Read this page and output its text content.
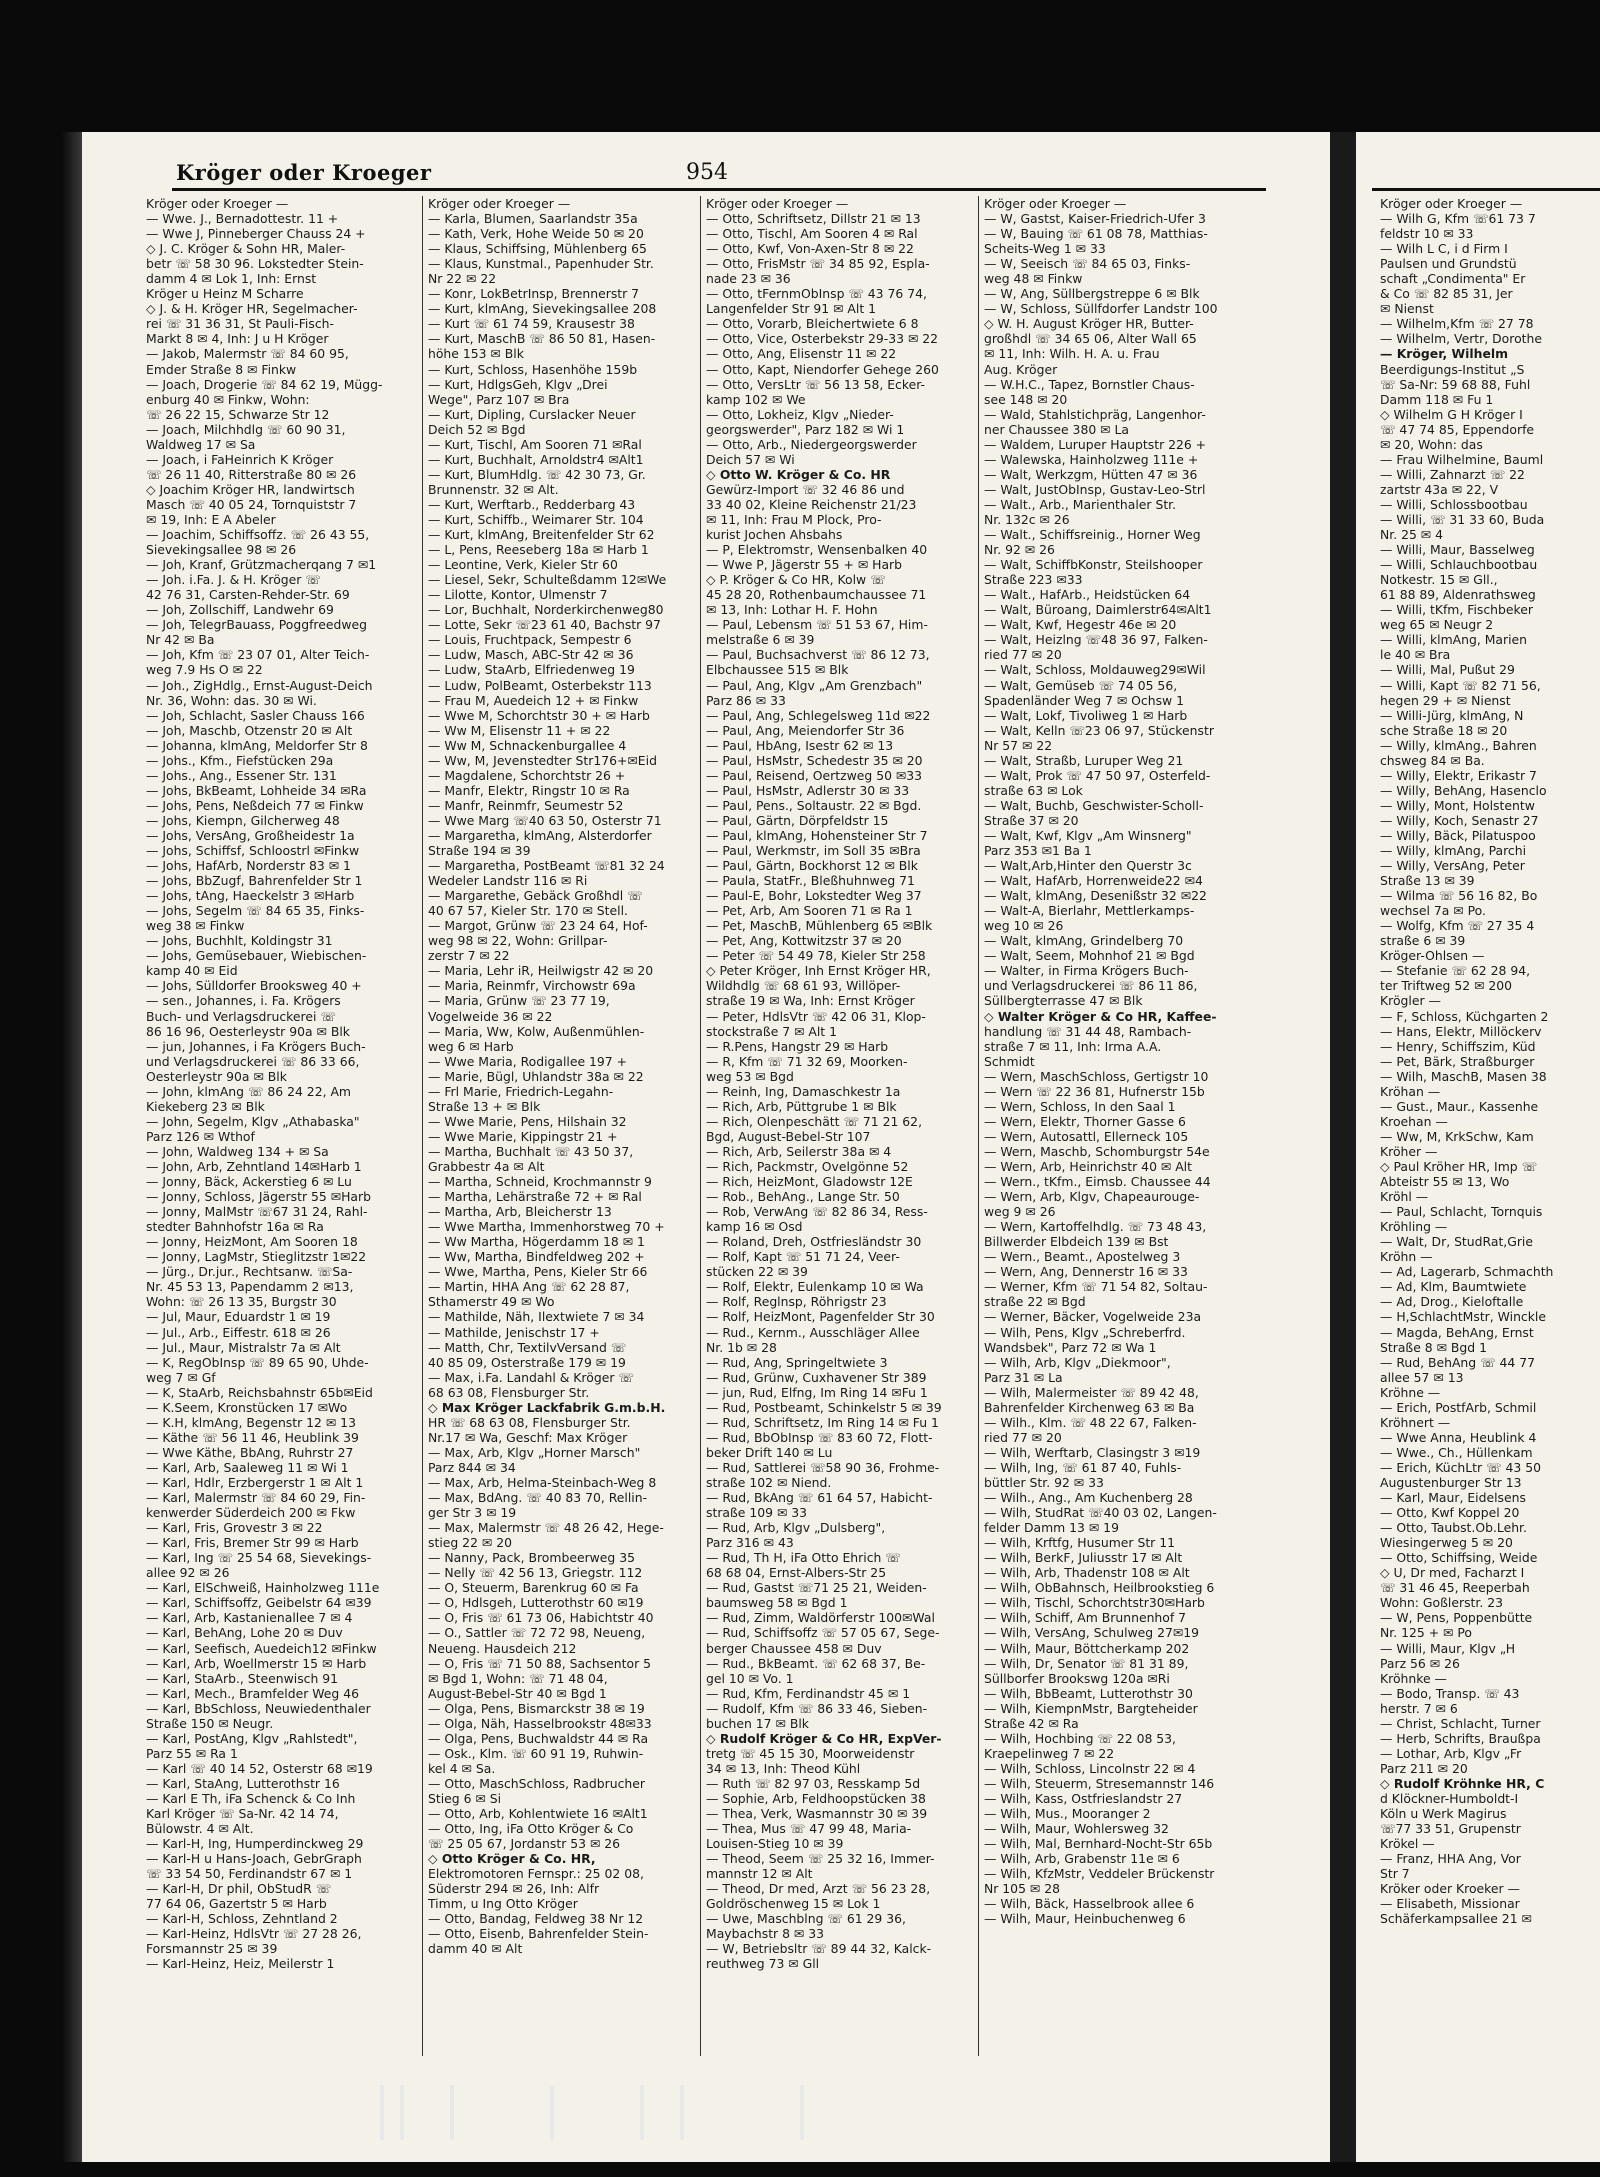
Kröger oder Kroeger	954
Kröger oder Kroeger —
— Wwe. J., Bernadottestr. 11 +
— Wwe J, Pinneberger Chauss 24 +
◇ J. C. Kröger & Sohn HR, Maler-
betr ☏ 58 30 96. Lokstedter Stein-
damm 4 ✉ Lok 1, Inh: Ernst
Kröger u Heinz M Scharre
◇ J. & H. Kröger HR, Segelmacher-
rei ☏ 31 36 31, St Pauli-Fisch-
Markt 8 ✉ 4, Inh: J u H Kröger
— Jakob, Malermstr ☏ 84 60 95,
Emder Straße 8 ✉ Finkw
— Joach, Drogerie ☏ 84 62 19, Mügg-
enburg 40 ✉ Finkw, Wohn:
☏ 26 22 15, Schwarze Str 12
— Joach, Milchhdlg ☏ 60 90 31,
Waldweg 17 ✉ Sa
— Joach, i FaHeinrich K Kröger
☏ 26 11 40, Ritterstraße 80 ✉ 26
◇ Joachim Kröger HR, landwirtsch
Masch ☏ 40 05 24, Tornquiststr 7
✉ 19, Inh: E A Abeler
— Joachim, Schiffsoffz. ☏ 26 43 55,
Sievekingsallee 98 ✉ 26
— Joh, Kranf, Grützmacherqang 7 ✉1
— Joh. i.Fa. J. & H. Kröger ☏
42 76 31, Carsten-Rehder-Str. 69
— Joh, Zollschiff, Landwehr 69
— Joh, TelegrBauass, Poggfreedweg
Nr 42 ✉ Ba
— Joh, Kfm ☏ 23 07 01, Alter Teich-
weg 7.9 Hs O ✉ 22
— Joh., ZigHdlg., Ernst-August-Deich
Nr. 36, Wohn: das. 30 ✉ Wi.
— Joh, Schlacht, Sasler Chauss 166
— Joh, Maschb, Otzenstr 20 ✉ Alt
— Johanna, klmAng, Meldorfer Str 8
— Johs., Kfm., Fiefstücken 29a
— Johs., Ang., Essener Str. 131
— Johs, BkBeamt, Lohheide 34 ✉Ra
— Johs, Pens, Neßdeich 77 ✉ Finkw
— Johs, Kiempn, Gilcherweg 48
— Johs, VersAng, Großheidestr 1a
— Johs, Schiffsf, Schloostrl ✉Finkw
— Johs, HafArb, Norderstr 83 ✉ 1
— Johs, BbZugf, Bahrenfelder Str 1
— Johs, tAng, Haeckelstr 3 ✉Harb
— Johs, Segelm ☏ 84 65 35, Finks-
weg 38 ✉ Finkw
— Johs, Buchhlt, Koldingstr 31
— Johs, Gemüsebauer, Wiebischen-
kamp 40 ✉ Eid
— Johs, Sülldorfer Brooksweg 40 +
— sen., Johannes, i. Fa. Krögers
Buch- und Verlagsdruckerei ☏
86 16 96, Oesterleystr 90a ✉ Blk
— jun, Johannes, i Fa Krögers Buch-
und Verlagsdruckerei ☏ 86 33 66,
Oesterleystr 90a ✉ Blk
— John, klmAng ☏ 86 24 22, Am
Kiekeberg 23 ✉ Blk
— John, Segelm, Klgv „Athabaska"
Parz 126 ✉ Wthof
— John, Waldweg 134 + ✉ Sa
— John, Arb, Zehntland 14✉Harb 1
— Jonny, Bäck, Ackerstieg 6 ✉ Lu
— Jonny, Schloss, Jägerstr 55 ✉Harb
— Jonny, MalMstr ☏67 31 24, Rahl-
stedter Bahnhofstr 16a ✉ Ra
— Jonny, HeizMont, Am Sooren 18
— Jonny, LagMstr, Stieglitzstr 1✉22
— Jürg., Dr.jur., Rechtsanw. ☏Sa-
Nr. 45 53 13, Papendamm 2 ✉13,
Wohn: ☏ 26 13 35, Burgstr 30
— Jul, Maur, Eduardstr 1 ✉ 19
— Jul., Arb., Eiffestr. 618 ✉ 26
— Jul., Maur, Mistralstr 7a ✉ Alt
— K, RegObInsp ☏ 89 65 90, Uhde-
weg 7 ✉ Gf
— K, StaArb, Reichsbahnstr 65b✉Eid
— K.Seem, Kronstücken 17 ✉Wo
— K.H, klmAng, Begenstr 12 ✉ 13
— Käthe ☏ 56 11 46, Heublink 39
— Wwe Käthe, BbAng, Ruhrstr 27
— Karl, Arb, Saaleweg 11 ✉ Wi 1
— Karl, Hdlr, Erzbergerstr 1 ✉ Alt 1
— Karl, Malermstr ☏ 84 60 29, Fin-
kenwerder Süderdeich 200 ✉ Fkw
— Karl, Fris, Grovestr 3 ✉ 22
— Karl, Fris, Bremer Str 99 ✉ Harb
— Karl, Ing ☏ 25 54 68, Sievekings-
allee 92 ✉ 26
— Karl, ElSchweiß, Hainholzweg 111e
— Karl, Schiffsoffz, Geibelstr 64 ✉39
— Karl, Arb, Kastanienallee 7 ✉ 4
— Karl, BehAng, Lohe 20 ✉ Duv
— Karl, Seefisch, Auedeich12 ✉Finkw
— Karl, Arb, Woellmerstr 15 ✉ Harb
— Karl, StaArb., Steenwisch 91
— Karl, Mech., Bramfelder Weg 46
— Karl, BbSchloss, Neuwiedenthaler
Straße 150 ✉ Neugr.
— Karl, PostAng, Klgv „Rahlstedt",
Parz 55 ✉ Ra 1
— Karl ☏ 40 14 52, Osterstr 68 ✉19
— Karl, StaAng, Lutterothstr 16
— Karl E Th, iFa Schenck & Co Inh
Karl Kröger ☏ Sa-Nr. 42 14 74,
Bülowstr. 4 ✉ Alt.
— Karl-H, Ing, Humperdinckweg 29
— Karl-H u Hans-Joach, GebrGraph
☏ 33 54 50, Ferdinandstr 67 ✉ 1
— Karl-H, Dr phil, ObStudR ☏
77 64 06, Gazertstr 5 ✉ Harb
— Karl-H, Schloss, Zehntland 2
— Karl-Heinz, HdlsVtr ☏ 27 28 26,
Forsmannstr 25 ✉ 39
— Karl-Heinz, Heiz, Meilerstr 1
Kröger oder Kroeger —
— Karla, Blumen, Saarlandstr 35a
— Kath, Verk, Hohe Weide 50 ✉ 20
— Klaus, Schiffsing, Mühlenberg 65
— Klaus, Kunstmal., Papenhuder Str.
Nr 22 ✉ 22
— Konr, LokBetrInsp, Brennerstr 7
— Kurt, klmAng, Sievekingsallee 208
— Kurt ☏ 61 74 59, Krausestr 38
— Kurt, MaschB ☏ 86 50 81, Hasen-
höhe 153 ✉ Blk
— Kurt, Schloss, Hasenhöhe 159b
— Kurt, HdlgsGeh, Klgv „Drei
Wege", Parz 107 ✉ Bra
— Kurt, Dipling, Curslacker Neuer
Deich 52 ✉ Bgd
— Kurt, Tischl, Am Sooren 71 ✉Ral
— Kurt, Buchhalt, Arnoldstr4 ✉Alt1
— Kurt, BlumHdlg. ☏ 42 30 73, Gr.
Brunnenstr. 32 ✉ Alt.
— Kurt, Werftarb., Redderbarg 43
— Kurt, Schiffb., Weimarer Str. 104
— Kurt, klmAng, Breitenfelder Str 62
— L, Pens, Reeseberg 18a ✉ Harb 1
— Leontine, Verk, Kieler Str 60
— Liesel, Sekr, Schulteßdamm 12✉We
— Lilotte, Kontor, Ulmenstr 7
— Lor, Buchhalt, Norderkirchenweg80
— Lotte, Sekr ☏23 61 40, Bachstr 97
— Louis, Fruchtpack, Sempestr 6
— Ludw, Masch, ABC-Str 42 ✉ 36
— Ludw, StaArb, Elfriedenweg 19
— Ludw, PolBeamt, Osterbekstr 113
— Frau M, Auedeich 12 + ✉ Finkw
— Wwe M, Schorchtstr 30 + ✉ Harb
— Ww M, Elisenstr 11 + ✉ 22
— Ww M, Schnackenburgallee 4
— Ww, M, Jevenstedter Str176+✉Eid
— Magdalene, Schorchtstr 26 +
— Manfr, Elektr, Ringstr 10 ✉ Ra
— Manfr, Reinmfr, Seumestr 52
— Wwe Marg ☏40 63 50, Osterstr 71
— Margaretha, klmAng, Alsterdorfer
Straße 194 ✉ 39
— Margaretha, PostBeamt ☏81 32 24
Wedeler Landstr 116 ✉ Ri
— Margarethe, Gebäck Großhdl ☏
40 67 57, Kieler Str. 170 ✉ Stell.
— Margot, Grünw ☏ 23 24 64, Hof-
weg 98 ✉ 22, Wohn: Grillpar-
zerstr 7 ✉ 22
— Maria, Lehr iR, Heilwigstr 42 ✉ 20
— Maria, Reinmfr, Virchowstr 69a
— Maria, Grünw ☏ 23 77 19,
Vogelweide 36 ✉ 22
— Maria, Ww, Kolw, Außenmühlen-
weg 6 ✉ Harb
— Wwe Maria, Rodigallee 197 +
— Marie, Bügl, Uhlandstr 38a ✉ 22
— Frl Marie, Friedrich-Legahn-
Straße 13 + ✉ Blk
— Wwe Marie, Pens, Hilshain 32
— Wwe Marie, Kippingstr 21 +
— Martha, Buchhalt ☏ 43 50 37,
Grabbestr 4a ✉ Alt
— Martha, Schneid, Krochmannstr 9
— Martha, Lehärstraße 72 + ✉ Ral
— Martha, Arb, Bleicherstr 13
— Wwe Martha, Immenhorstweg 70 +
— Ww Martha, Högerdamm 18 ✉ 1
— Ww, Martha, Bindfeldweg 202 +
— Wwe, Martha, Pens, Kieler Str 66
— Martin, HHA Ang ☏ 62 28 87,
Sthamerstr 49 ✉ Wo
— Mathilde, Näh, Ilextwiete 7 ✉ 34
— Mathilde, Jenischstr 17 +
— Matth, Chr, TextilvVersand ☏
40 85 09, Osterstraße 179 ✉ 19
— Max, i.Fa. Landahl & Kröger ☏
68 63 08, Flensburger Str.
◇ Max Kröger Lackfabrik G.m.b.H.
HR ☏ 68 63 08, Flensburger Str.
Nr.17 ✉ Wa, Geschf: Max Kröger
— Max, Arb, Klgv „Horner Marsch"
Parz 844 ✉ 34
— Max, Arb, Helma-Steinbach-Weg 8
— Max, BdAng. ☏ 40 83 70, Rellin-
ger Str 3 ✉ 19
— Max, Malermstr ☏ 48 26 42, Hege-
stieg 22 ✉ 20
— Nanny, Pack, Brombeerweg 35
— Nelly ☏ 42 56 13, Griegstr. 112
— O, Steuerm, Barenkrug 60 ✉ Fa
— O, Hdlsgeh, Lutterothstr 60 ✉19
— O, Fris ☏ 61 73 06, Habichtstr 40
— O., Sattler ☏ 72 72 98, Neueng,
Neueng. Hausdeich 212
— O, Fris ☏ 71 50 88, Sachsentor 5
✉ Bgd 1, Wohn: ☏ 71 48 04,
August-Bebel-Str 40 ✉ Bgd 1
— Olga, Pens, Bismarckstr 38 ✉ 19
— Olga, Näh, Hasselbrookstr 48✉33
— Olga, Pens, Buchwaldstr 44 ✉ Ra
— Osk., Klm. ☏ 60 91 19, Ruhwin-
kel 4 ✉ Sa.
— Otto, MaschSchloss, Radbrucher
Stieg 6 ✉ Si
— Otto, Arb, Kohlentwiete 16 ✉Alt1
— Otto, Ing, iFa Otto Kröger & Co
☏ 25 05 67, Jordanstr 53 ✉ 26
◇ Otto Kröger & Co. HR,
Elektromotoren Fernspr.: 25 02 08,
Süderstr 294 ✉ 26, Inh: Alfr
Timm, u Ing Otto Kröger
— Otto, Bandag, Feldweg 38 Nr 12
— Otto, Eisenb, Bahrenfelder Stein-
damm 40 ✉ Alt
Kröger oder Kroeger —
— Otto, Schriftsetz, Dillstr 21 ✉ 13
— Otto, Tischl, Am Sooren 4 ✉ Ral
— Otto, Kwf, Von-Axen-Str 8 ✉ 22
— Otto, FrisMstr ☏ 34 85 92, Espla-
nade 23 ✉ 36
— Otto, tFernmObInsp ☏ 43 76 74,
Langenfelder Str 91 ✉ Alt 1
— Otto, Vorarb, Bleichertwiete 6 8
— Otto, Vice, Osterbekstr 29-33 ✉ 22
— Otto, Ang, Elisenstr 11 ✉ 22
— Otto, Kapt, Niendorfer Gehege 260
— Otto, VersLtr ☏ 56 13 58, Ecker-
kamp 102 ✉ We
— Otto, Lokheiz, Klgv „Nieder-
georgswerder", Parz 182 ✉ Wi 1
— Otto, Arb., Niedergeorgswerder
Deich 57 ✉ Wi
◇ Otto W. Kröger & Co. HR
Gewürz-Import ☏ 32 46 86 und
33 40 02, Kleine Reichenstr 21/23
✉ 11, Inh: Frau M Plock, Pro-
kurist Jochen Ahsbahs
— P, Elektromstr, Wensenbalken 40
— Wwe P, Jägerstr 55 + ✉ Harb
◇ P. Kröger & Co HR, Kolw ☏
45 28 20, Rothenbaumchaussee 71
✉ 13, Inh: Lothar H. F. Hohn
— Paul, Lebensm ☏ 51 53 67, Him-
melstraße 6 ✉ 39
— Paul, Buchsachverst ☏ 86 12 73,
Elbchaussee 515 ✉ Blk
— Paul, Ang, Klgv „Am Grenzbach"
Parz 86 ✉ 33
— Paul, Ang, Schlegelsweg 11d ✉22
— Paul, Ang, Meiendorfer Str 36
— Paul, HbAng, Isestr 62 ✉ 13
— Paul, HsMstr, Schedestr 35 ✉ 20
— Paul, Reisend, Oertzweg 50 ✉33
— Paul, HsMstr, Adlerstr 30 ✉ 33
— Paul, Pens., Soltaustr. 22 ✉ Bgd.
— Paul, Gärtn, Dörpfeldstr 15
— Paul, klmAng, Hohensteiner Str 7
— Paul, Werkmstr, im Soll 35 ✉Bra
— Paul, Gärtn, Bockhorst 12 ✉ Blk
— Paula, StatFr., Bleßhuhnweg 71
— Paul-E, Bohr, Lokstedter Weg 37
— Pet, Arb, Am Sooren 71 ✉ Ra 1
— Pet, MaschB, Mühlenberg 65 ✉Blk
— Pet, Ang, Kottwitzstr 37 ✉ 20
— Peter ☏ 54 49 78, Kieler Str 258
◇ Peter Kröger, Inh Ernst Kröger HR,
Wildhdlg ☏ 68 61 93, Willöper-
straße 19 ✉ Wa, Inh: Ernst Kröger
— Peter, HdlsVtr ☏ 42 06 31, Klop-
stockstraße 7 ✉ Alt 1
— R.Pens, Hangstr 29 ✉ Harb
— R, Kfm ☏ 71 32 69, Moorken-
weg 53 ✉ Bgd
— Reinh, Ing, Damaschkestr 1a
— Rich, Arb, Püttgrube 1 ✉ Blk
— Rich, Olenpeschätt ☏ 71 21 62,
Bgd, August-Bebel-Str 107
— Rich, Arb, Seilerstr 38a ✉ 4
— Rich, Packmstr, Ovelgönne 52
— Rich, HeizMont, Gladowstr 12E
— Rob., BehAng., Lange Str. 50
— Rob, VerwAng ☏ 82 86 34, Ress-
kamp 16 ✉ Osd
— Roland, Dreh, Ostfriesländstr 30
— Rolf, Kapt ☏ 51 71 24, Veer-
stücken 22 ✉ 39
— Rolf, Elektr, Eulenkamp 10 ✉ Wa
— Rolf, Reglnsp, Röhrigstr 23
— Rolf, HeizMont, Pagenfelder Str 30
— Rud., Kernm., Ausschläger Allee
Nr. 1b ✉ 28
— Rud, Ang, Springeltwiete 3
— Rud, Grünw, Cuxhavener Str 389
— jun, Rud, Elfng, Im Ring 14 ✉Fu 1
— Rud, Postbeamt, Schinkelstr 5 ✉ 39
— Rud, Schriftsetz, Im Ring 14 ✉ Fu 1
— Rud, BbObInsp ☏ 83 60 72, Flott-
beker Drift 140 ✉ Lu
— Rud, Sattlerei ☏58 90 36, Frohme-
straße 102 ✉ Niend.
— Rud, BkAng ☏ 61 64 57, Habicht-
straße 109 ✉ 33
— Rud, Arb, Klgv „Dulsberg",
Parz 316 ✉ 43
— Rud, Th H, iFa Otto Ehrich ☏
68 68 04, Ernst-Albers-Str 25
— Rud, Gastst ☏71 25 21, Weiden-
baumsweg 58 ✉ Bgd 1
— Rud, Zimm, Waldörferstr 100✉Wal
— Rud, Schiffsoffz ☏ 57 05 67, Sege-
berger Chaussee 458 ✉ Duv
— Rud., BkBeamt. ☏ 62 68 37, Be-
gel 10 ✉ Vo. 1
— Rud, Kfm, Ferdinandstr 45 ✉ 1
— Rudolf, Kfm ☏ 86 33 46, Sieben-
buchen 17 ✉ Blk
◇ Rudolf Kröger & Co HR, ExpVer-
tretg ☏ 45 15 30, Moorweidenstr
34 ✉ 13, Inh: Theod Kühl
— Ruth ☏ 82 97 03, Resskamp 5d
— Sophie, Arb, Feldhoopstücken 38
— Thea, Verk, Wasmannstr 30 ✉ 39
— Thea, Mus ☏ 47 99 48, Maria-
Louisen-Stieg 10 ✉ 39
— Theod, Seem ☏ 25 32 16, Immer-
mannstr 12 ✉ Alt
— Theod, Dr med, Arzt ☏ 56 23 28,
Goldröschenweg 15 ✉ Lok 1
— Uwe, Maschblng ☏ 61 29 36,
Maybachstr 8 ✉ 33
— W, Betriebsltr ☏ 89 44 32, Kalck-
reuthweg 73 ✉ Gll
Kröger oder Kroeger —
— W, Gastst, Kaiser-Friedrich-Ufer 3
— W, Bauing ☏ 61 08 78, Matthias-
Scheits-Weg 1 ✉ 33
— W, Seeisch ☏ 84 65 03, Finks-
weg 48 ✉ Finkw
— W, Ang, Süllbergstreppe 6 ✉ Blk
— W, Schloss, Süllfdorfer Landstr 100
◇ W. H. August Kröger HR, Butter-
großhdl ☏ 34 65 06, Alter Wall 65
✉ 11, Inh: Wilh. H. A. u. Frau
Aug. Kröger
— W.H.C., Tapez, Bornstler Chaus-
see 148 ✉ 20
— Wald, Stahlstichpräg, Langenhor-
ner Chaussee 380 ✉ La
— Waldem, Luruper Hauptstr 226 +
— Walewska, Hainholzweg 111e +
— Walt, Werkzgm, Hütten 47 ✉ 36
— Walt, JustObInsp, Gustav-Leo-Strl
— Walt., Arb., Marienthaler Str.
Nr. 132c ✉ 26
— Walt., Schiffsreinig., Horner Weg
Nr. 92 ✉ 26
— Walt, SchiffbKonstr, Steilshooper
Straße 223 ✉33
— Walt., HafArb., Heidstücken 64
— Walt, Büroang, Daimlerstr64✉Alt1
— Walt, Kwf, Hegestr 46e ✉ 20
— Walt, Heizlng ☏48 36 97, Falken-
ried 77 ✉ 20
— Walt, Schloss, Moldauweg29✉Wil
— Walt, Gemüseb ☏ 74 05 56,
Spadenländer Weg 7 ✉ Ochsw 1
— Walt, Lokf, Tivoliweg 1 ✉ Harb
— Walt, Kelln ☏23 06 97, Stückenstr
Nr 57 ✉ 22
— Walt, Straßb, Luruper Weg 21
— Walt, Prok ☏ 47 50 97, Osterfeld-
straße 63 ✉ Lok
— Walt, Buchb, Geschwister-Scholl-
Straße 37 ✉ 20
— Walt, Kwf, Klgv „Am Winsnerg"
Parz 353 ✉1 Ba 1
— Walt,Arb,Hinter den Querstr 3c
— Walt, HafArb, Horrenweide22 ✉4
— Walt, klmAng, Desenißstr 32 ✉22
— Walt-A, Bierlahr, Mettlerkamps-
weg 10 ✉ 26
— Walt, klmAng, Grindelberg 70
— Walt, Seem, Mohnhof 21 ✉ Bgd
— Walter, in Firma Krögers Buch-
und Verlagsdruckerei ☏ 86 11 86,
Süllbergterrasse 47 ✉ Blk
◇ Walter Kröger & Co HR, Kaffee-
handlung ☏ 31 44 48, Rambach-
straße 7 ✉ 11, Inh: Irma A.A.
Schmidt
— Wern, MaschSchloss, Gertigstr 10
— Wern ☏ 22 36 81, Hufnerstr 15b
— Wern, Schloss, In den Saal 1
— Wern, Elektr, Thorner Gasse 6
— Wern, Autosattl, Ellerneck 105
— Wern, Maschb, Schomburgstr 54e
— Wern, Arb, Heinrichstr 40 ✉ Alt
— Wern., tKfm., Eimsb. Chaussee 44
— Wern, Arb, Klgv, Chapeaurouge-
weg 9 ✉ 26
— Wern, Kartoffelhdlg. ☏ 73 48 43,
Billwerder Elbdeich 139 ✉ Bst
— Wern., Beamt., Apostelweg 3
— Wern, Ang, Dennerstr 16 ✉ 33
— Werner, Kfm ☏ 71 54 82, Soltau-
straße 22 ✉ Bgd
— Werner, Bäcker, Vogelweide 23a
— Wilh, Pens, Klgv „Schreberfrd.
Wandsbek", Parz 72 ✉ Wa 1
— Wilh, Arb, Klgv „Diekmoor",
Parz 31 ✉ La
— Wilh, Malermeister ☏ 89 42 48,
Bahrenfelder Kirchenweg 63 ✉ Ba
— Wilh., Klm. ☏ 48 22 67, Falken-
ried 77 ✉ 20
— Wilh, Werftarb, Clasingstr 3 ✉19
— Wilh, Ing, ☏ 61 87 40, Fuhls-
büttler Str. 92 ✉ 33
— Wilh., Ang., Am Kuchenberg 28
— Wilh, StudRat ☏40 03 02, Langen-
felder Damm 13 ✉ 19
— Wilh, Krftfg, Husumer Str 11
— Wilh, BerkF, Juliusstr 17 ✉ Alt
— Wilh, Arb, Thadenstr 108 ✉ Alt
— Wilh, ObBahnsch, Heilbrookstieg 6
— Wilh, Tischl, Schorchtstr30✉Harb
— Wilh, Schiff, Am Brunnenhof 7
— Wilh, VersAng, Schulweg 27✉19
— Wilh, Maur, Böttcherkamp 202
— Wilh, Dr, Senator ☏ 81 31 89,
Süllborfer Brookswg 120a ✉Ri
— Wilh, BbBeamt, Lutterothstr 30
— Wilh, KiempnMstr, Bargteheider
Straße 42 ✉ Ra
— Wilh, Hochbing ☏ 22 08 53,
Kraepelinweg 7 ✉ 22
— Wilh, Schloss, Lincolnstr 22 ✉ 4
— Wilh, Steuerm, Stresemannstr 146
— Wilh, Kass, Ostfrieslandstr 27
— Wilh, Mus., Mooranger 2
— Wilh, Maur, Wohlersweg 32
— Wilh, Mal, Bernhard-Nocht-Str 65b
— Wilh, Arb, Grabenstr 11e ✉ 6
— Wilh, KfzMstr, Veddeler Brückenstr
Nr 105 ✉ 28
— Wilh, Bäck, Hasselbrook allee 6
— Wilh, Maur, Heinbuchenweg 6
Kröger oder Kroeger —
— Wilh G, Kfm ☏61 73 7
feldstr 10 ✉ 33
— Wilh L C, i d Firm I
Paulsen und Grundstü
schaft „Condimenta" Er
& Co ☏ 82 85 31, Jer
✉ Nienst
— Wilhelm,Kfm ☏ 27 78
— Wilhelm, Vertr, Dorothe
— Kröger, Wilhelm
Beerdigungs-Institut „S
☏ Sa-Nr: 59 68 88, Fuhl
Damm 118 ✉ Fu 1
◇ Wilhelm G H Kröger I
☏ 47 74 85, Eppendorfe
✉ 20, Wohn: das
— Frau Wilhelmine, Bauml
— Willi, Zahnarzt ☏ 22
zartstr 43a ✉ 22, V
— Willi, Schlossbootbau
— Willi, ☏ 31 33 60, Buda
Nr. 25 ✉ 4
— Willi, Maur, Basselweg
— Willi, Schlauchbootbau
Notkestr. 15 ✉ Gll.,
61 88 89, Aldenrathsweg
— Willi, tKfm, Fischbeker
weg 65 ✉ Neugr 2
— Willi, klmAng, Marien
le 40 ✉ Bra
— Willi, Mal, Pußut 29
— Willi, Kapt ☏ 82 71 56,
hegen 29 + ✉ Nienst
— Willi-Jürg, klmAng, N
sche Straße 18 ✉ 20
— Willy, klmAng., Bahren
chsweg 84 ✉ Ba.
— Willy, Elektr, Erikastr 7
— Willy, BehAng, Hasenclo
— Willy, Mont, Holstentw
— Willy, Koch, Senastr 27
— Willy, Bäck, Pilatuspoo
— Willy, klmAng, Parchi
— Willy, VersAng, Peter
Straße 13 ✉ 39
— Wilma ☏ 56 16 82, Bo
wechsel 7a ✉ Po.
— Wolfg, Kfm ☏ 27 35 4
straße 6 ✉ 39
Kröger-Ohlsen —
— Stefanie ☏ 62 28 94,
ter Triftweg 52 ✉ 200
Krögler —
— F, Schloss, Küchgarten 2
— Hans, Elektr, Millöckerv
— Henry, Schiffszim, Küd
— Pet, Bärk, Straßburger
— Wilh, MaschB, Masen 38
Kröhan —
— Gust., Maur., Kassenhe
Kroehan —
— Ww, M, KrkSchw, Kam
Kröher —
◇ Paul Kröher HR, Imp ☏
Abteistr 55 ✉ 13, Wo
Kröhl —
— Paul, Schlacht, Tornquis
Kröhling —
— Walt, Dr, StudRat,Grie
Kröhn —
— Ad, Lagerarb, Schmachth
— Ad, Klm, Baumtwiete
— Ad, Drog., Kieloftalle
— H,SchlachtMstr, Winckle
— Magda, BehAng, Ernst
Straße 8 ✉ Bgd 1
— Rud, BehAng ☏ 44 77
allee 57 ✉ 13
Kröhne —
— Erich, PostfArb, Schmil
Kröhnert —
— Wwe Anna, Heublink 4
— Wwe., Ch., Hüllenkam
— Erich, KüchLtr ☏ 43 50
Augustenburger Str 13
— Karl, Maur, Eidelsens
— Otto, Kwf Koppel 20
— Otto, Taubst.Ob.Lehr.
Wiesingerweg 5 ✉ 20
— Otto, Schiffsing, Weide
◇ U, Dr med, Facharzt I
☏ 31 46 45, Reeperbah
Wohn: Goßlerstr. 23
— W, Pens, Poppenbütte
Nr. 125 + ✉ Po
— Willi, Maur, Klgv „H
Parz 56 ✉ 26
Kröhnke —
— Bodo, Transp. ☏ 43
herstr. 7 ✉ 6
— Christ, Schlacht, Turner
— Herb, Schrifts, Braußpa
— Lothar, Arb, Klgv „Fr
Parz 211 ✉ 20
◇ Rudolf Kröhnke HR, C
d Klöckner-Humboldt-I
Köln u Werk Magirus
☏77 33 51, Grupenstr
Krökel —
— Franz, HHA Ang, Vor
Str 7
Kröker oder Kroeker —
— Elisabeth, Missionar
Schäferkampsallee 21 ✉
